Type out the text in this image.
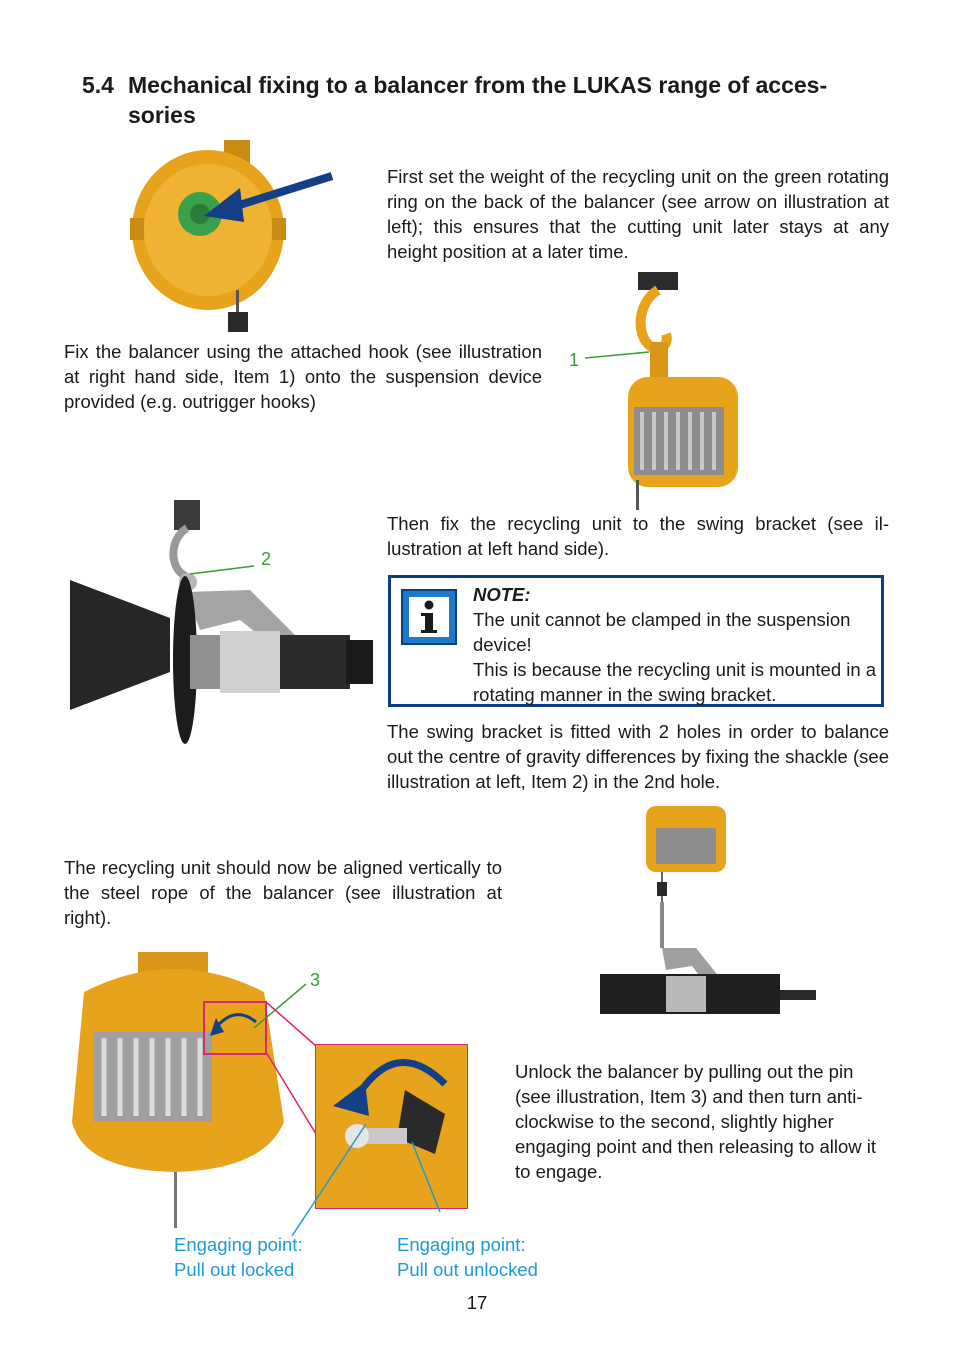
5.4 Mechanical fixing to a balancer from the LUKAS range of acces-
sories

First set the weight of the recycling unit on the green rotating ring on the back of the balancer (see arrow on illustration at left); this ensures that the cutting unit later stays at any height position at a later time.

1

Fix the balancer using the attached hook (see illustration at right hand side, Item 1) onto the suspension device provided (e.g. outrigger hooks)

2

Then fix the recycling unit to the swing bracket (see il-lustration at left hand side).

NOTE:
The unit cannot be clamped in the suspension device!
This is because the recycling unit is mounted in a rotating manner in the swing bracket.

The swing bracket is fitted with 2 holes in order to balance out the centre of gravity differences by fixing the shackle (see illustration at left, Item 2) in the 2nd hole.

The recycling unit should now be aligned vertically to the steel rope of the balancer (see illustration at right).

3

Unlock the balancer by pulling out the pin (see illustration, Item 3) and then turn anti-clockwise to the second, slightly higher engaging point and then releasing to allow it to engage.

Engaging point:
Pull out locked
Engaging point:
Pull out unlocked
17
